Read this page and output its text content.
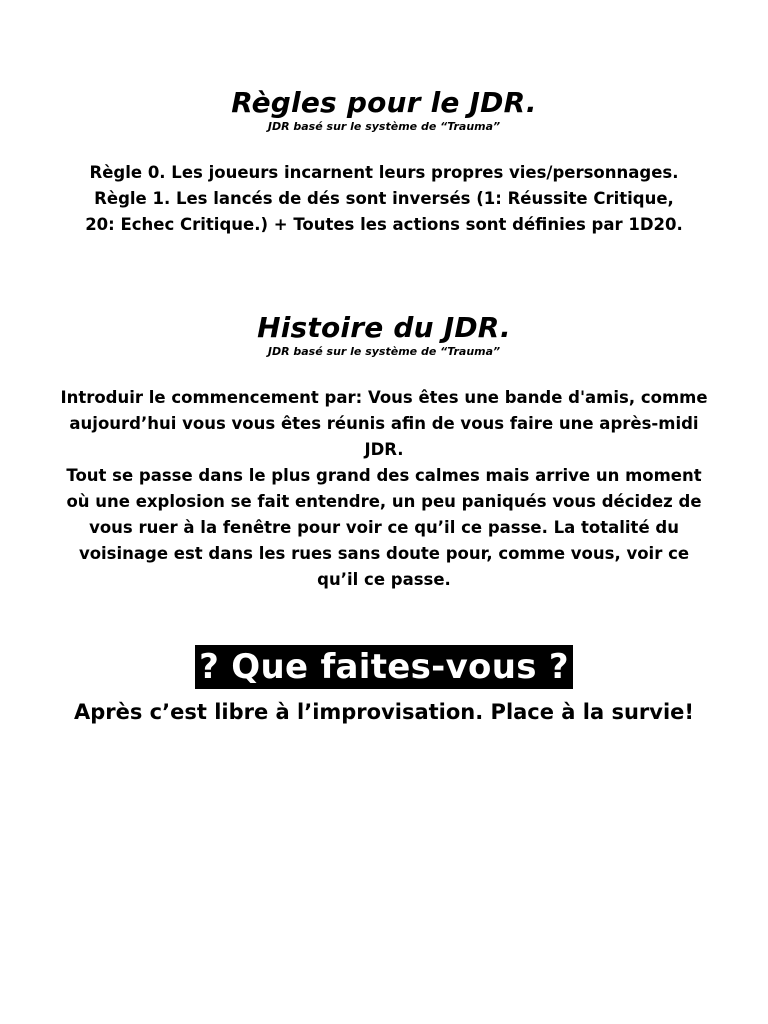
Règles pour le JDR.

JDR basé sur le système de “Trauma”

Règle 0. Les joueurs incarnent leurs propres vies/personnages.

Règle 1. Les lancés de dés sont inversés (1: Réussite Critique, 20: Echec Critique.) + Toutes les actions sont définies par 1D20.

Histoire du JDR.

JDR basé sur le système de “Trauma”

Introduir le commencement par: Vous êtes une bande d'amis, comme aujourd’hui vous vous êtes réunis afin de vous faire une après-midi JDR.

Tout se passe dans le plus grand des calmes mais arrive un moment où une explosion se fait entendre, un peu paniqués vous décidez de vous ruer à la fenêtre pour voir ce qu’il ce passe. La totalité du voisinage est dans les rues sans doute pour, comme vous, voir ce qu’il ce passe.

? Que faites-vous ?

Après c’est libre à l’improvisation. Place à la survie!
